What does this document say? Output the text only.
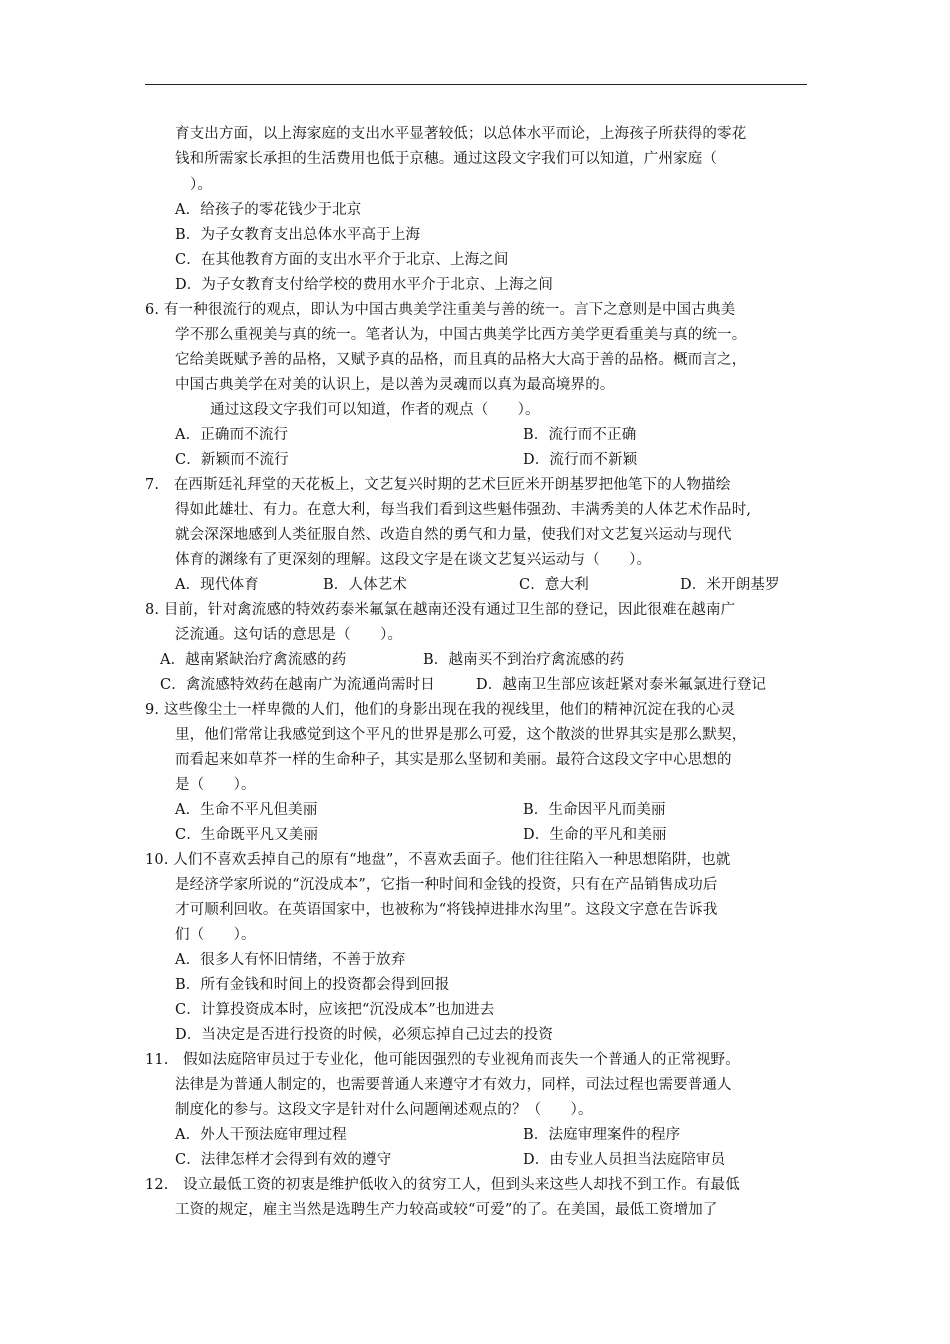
育支出方面，以上海家庭的支出水平显著较低；以总体水平而论，上海孩子所获得的零花
钱和所需家长承担的生活费用也低于京穗。通过这段文字我们可以知道，广州家庭（
）。
A．给孩子的零花钱少于北京
B．为子女教育支出总体水平高于上海
C．在其他教育方面的支出水平介于北京、上海之间
D．为子女教育支付给学校的费用水平介于北京、上海之间
6. 有一种很流行的观点，即认为中国古典美学注重美与善的统一。言下之意则是中国古典美
学不那么重视美与真的统一。笔者认为，中国古典美学比西方美学更看重美与真的统一。
它给美既赋予善的品格，又赋予真的品格，而且真的品格大大高于善的品格。概而言之，
中国古典美学在对美的认识上，是以善为灵魂而以真为最高境界的。
通过这段文字我们可以知道，作者的观点（　　）。
A．正确而不流行	B．流行而不正确
C．新颖而不流行	D．流行而不新颖
7.　在西斯廷礼拜堂的天花板上，文艺复兴时期的艺术巨匠米开朗基罗把他笔下的人物描绘
得如此雄壮、有力。在意大利，每当我们看到这些魁伟强劲、丰满秀美的人体艺术作品时,
就会深深地感到人类征服自然、改造自然的勇气和力量，使我们对文艺复兴运动与现代
体育的渊缘有了更深刻的理解。这段文字是在谈文艺复兴运动与（　　）。
A．现代体育	B．人体艺术	C．意大利	D．米开朗基罗
8. 目前，针对禽流感的特效药泰米氟氯在越南还没有通过卫生部的登记，因此很难在越南广
泛流通。这句话的意思是（　　）。
A．越南紧缺治疗禽流感的药	B．越南买不到治疗禽流感的药
C．禽流感特效药在越南广为流通尚需时日	D．越南卫生部应该赶紧对泰米氟氯进行登记
9. 这些像尘土一样卑微的人们，他们的身影出现在我的视线里，他们的精神沉淀在我的心灵
里，他们常常让我感觉到这个平凡的世界是那么可爱，这个散淡的世界其实是那么默契，
而看起来如草芥一样的生命种子，其实是那么坚韧和美丽。最符合这段文字中心思想的
是（　　）。
A．生命不平凡但美丽	B．生命因平凡而美丽
C．生命既平凡又美丽	D．生命的平凡和美丽
10. 人们不喜欢丢掉自己的原有“地盘”，不喜欢丢面子。他们往往陷入一种思想陷阱，也就
是经济学家所说的“沉没成本”，它指一种时间和金钱的投资，只有在产品销售成功后
才可顺利回收。在英语国家中，也被称为“将钱掉进排水沟里”。这段文字意在告诉我
们（　　）。
A．很多人有怀旧情绪，不善于放弃
B．所有金钱和时间上的投资都会得到回报
C．计算投资成本时，应该把“沉没成本”也加进去
D．当决定是否进行投资的时候，必须忘掉自己过去的投资
11.　假如法庭陪审员过于专业化，他可能因强烈的专业视角而丧失一个普通人的正常视野。
法律是为普通人制定的，也需要普通人来遵守才有效力，同样，司法过程也需要普通人
制度化的参与。这段文字是针对什么问题阐述观点的？（　　）。
A．外人干预法庭审理过程	B．法庭审理案件的程序
C．法律怎样才会得到有效的遵守	D．由专业人员担当法庭陪审员
12.　设立最低工资的初衷是维护低收入的贫穷工人，但到头来这些人却找不到工作。有最低
工资的规定，雇主当然是选聘生产力较高或较“可爱”的了。在美国，最低工资增加了
